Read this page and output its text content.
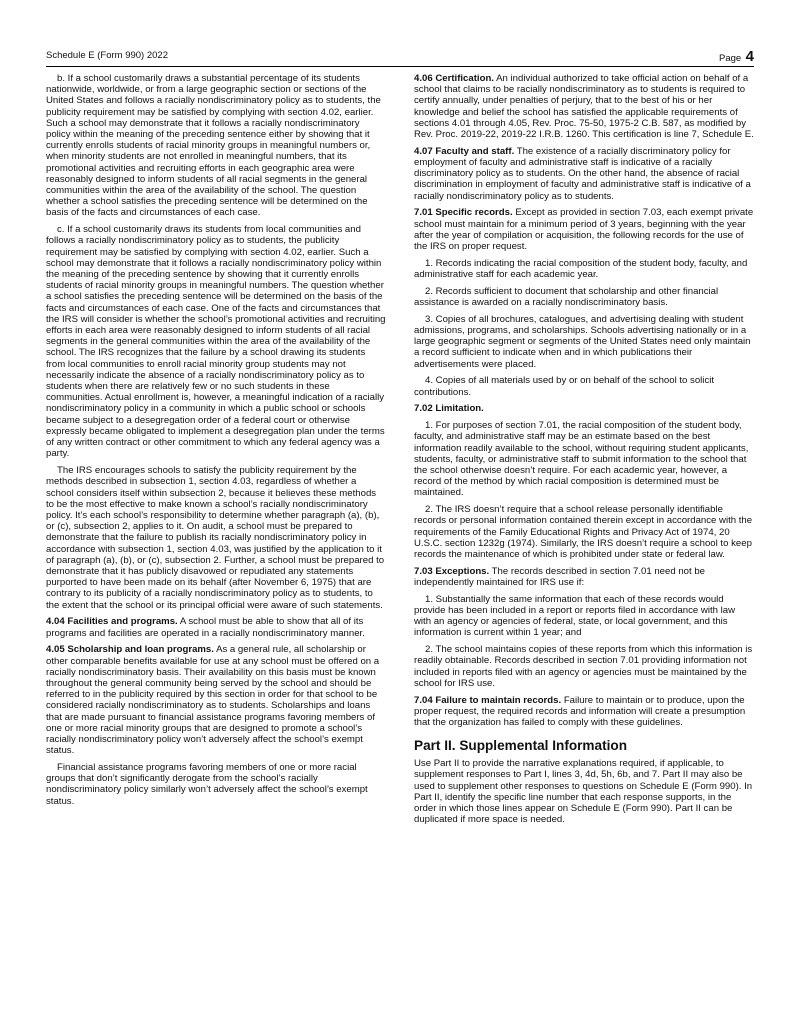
Schedule E (Form 990) 2022	Page 4

b. If a school customarily draws a substantial percentage of its students nationwide, worldwide, or from a large geographic section or sections of the United States and follows a racially nondiscriminatory policy as to students, the publicity requirement may be satisfied by complying with section 4.02, earlier. Such a school may demonstrate that it follows a racially nondiscriminatory policy within the meaning of the preceding sentence either by showing that it currently enrolls students of racial minority groups in meaningful numbers or, when minority students are not enrolled in meaningful numbers, that its promotional activities and recruiting efforts in each geographic area were reasonably designed to inform students of all racial segments in the general communities within the area of the availability of the school. The question whether a school satisfies the preceding sentence will be determined on the basis of the facts and circumstances of each case.

c. If a school customarily draws its students from local communities and follows a racially nondiscriminatory policy as to students, the publicity requirement may be satisfied by complying with section 4.02, earlier. Such a school may demonstrate that it follows a racially nondiscriminatory policy within the meaning of the preceding sentence by showing that it currently enrolls students of racial minority groups in meaningful numbers. The question whether a school satisfies the preceding sentence will be determined on the basis of the facts and circumstances of each case. One of the facts and circumstances that the IRS will consider is whether the school’s promotional activities and recruiting efforts in each area were reasonably designed to inform students of all racial segments in the general communities within the area of the availability of the school. The IRS recognizes that the failure by a school drawing its students from local communities to enroll racial minority group students may not necessarily indicate the absence of a racially nondiscriminatory policy as to students when there are relatively few or no such students in these communities. Actual enrollment is, however, a meaningful indication of a racially nondiscriminatory policy in a community in which a public school or schools became subject to a desegregation order of a federal court or otherwise expressly became obligated to implement a desegregation plan under the terms of any written contract or other commitment to which any federal agency was a party.

The IRS encourages schools to satisfy the publicity requirement by the methods described in subsection 1, section 4.03, regardless of whether a school considers itself within subsection 2, because it believes these methods to be the most effective to make known a school’s racially nondiscriminatory policy. It’s each school’s responsibility to determine whether paragraph (a), (b), or (c), subsection 2, applies to it. On audit, a school must be prepared to demonstrate that the failure to publish its racially nondiscriminatory policy in accordance with subsection 1, section 4.03, was justified by the application to it of paragraph (a), (b), or (c), subsection 2. Further, a school must be prepared to demonstrate that it has publicly disavowed or repudiated any statements purported to have been made on its behalf (after November 6, 1975) that are contrary to its publicity of a racially nondiscriminatory policy as to students, to the extent that the school or its principal official were aware of such statements.

4.04 Facilities and programs. A school must be able to show that all of its programs and facilities are operated in a racially nondiscriminatory manner.

4.05 Scholarship and loan programs. As a general rule, all scholarship or other comparable benefits available for use at any school must be offered on a racially nondiscriminatory basis. Their availability on this basis must be known throughout the general community being served by the school and should be referred to in the publicity required by this section in order for that school to be considered racially nondiscriminatory as to students. Scholarships and loans that are made pursuant to financial assistance programs favoring members of one or more racial minority groups that are designed to promote a school’s racially nondiscriminatory policy won’t adversely affect the school’s exempt status.

Financial assistance programs favoring members of one or more racial groups that don’t significantly derogate from the school’s racially nondiscriminatory policy similarly won’t adversely affect the school’s exempt status.

4.06 Certification. An individual authorized to take official action on behalf of a school that claims to be racially nondiscriminatory as to students is required to certify annually, under penalties of perjury, that to the best of his or her knowledge and belief the school has satisfied the applicable requirements of sections 4.01 through 4.05, Rev. Proc. 75-50, 1975-2 C.B. 587, as modified by Rev. Proc. 2019-22, 2019-22 I.R.B. 1260. This certification is line 7, Schedule E.

4.07 Faculty and staff. The existence of a racially discriminatory policy for employment of faculty and administrative staff is indicative of a racially discriminatory policy as to students. On the other hand, the absence of racial discrimination in employment of faculty and administrative staff is indicative of a racially nondiscriminatory policy as to students.

7.01 Specific records. Except as provided in section 7.03, each exempt private school must maintain for a minimum period of 3 years, beginning with the year after the year of compilation or acquisition, the following records for the use of the IRS on proper request.

1. Records indicating the racial composition of the student body, faculty, and administrative staff for each academic year.

2. Records sufficient to document that scholarship and other financial assistance is awarded on a racially nondiscriminatory basis.

3. Copies of all brochures, catalogues, and advertising dealing with student admissions, programs, and scholarships. Schools advertising nationally or in a large geographic segment or segments of the United States need only maintain a record sufficient to indicate when and in which publications their advertisements were placed.

4. Copies of all materials used by or on behalf of the school to solicit contributions.

7.02 Limitation.

1. For purposes of section 7.01, the racial composition of the student body, faculty, and administrative staff may be an estimate based on the best information readily available to the school, without requiring student applicants, students, faculty, or administrative staff to submit information to the school that the school otherwise doesn’t require. For each academic year, however, a record of the method by which racial composition is determined must be maintained.

2. The IRS doesn’t require that a school release personally identifiable records or personal information contained therein except in accordance with the requirements of the Family Educational Rights and Privacy Act of 1974, 20 U.S.C. section 1232g (1974). Similarly, the IRS doesn’t require a school to keep records the maintenance of which is prohibited under state or federal law.

7.03 Exceptions. The records described in section 7.01 need not be independently maintained for IRS use if:

1. Substantially the same information that each of these records would provide has been included in a report or reports filed in accordance with law with an agency or agencies of federal, state, or local government, and this information is current within 1 year; and

2. The school maintains copies of these reports from which this information is readily obtainable. Records described in section 7.01 providing information not included in reports filed with an agency or agencies must be maintained by the school for IRS use.

7.04 Failure to maintain records. Failure to maintain or to produce, upon the proper request, the required records and information will create a presumption that the organization has failed to comply with these guidelines.

Part II. Supplemental Information

Use Part II to provide the narrative explanations required, if applicable, to supplement responses to Part I, lines 3, 4d, 5h, 6b, and 7. Part II may also be used to supplement other responses to questions on Schedule E (Form 990). In Part II, identify the specific line number that each response supports, in the order in which those lines appear on Schedule E (Form 990). Part II can be duplicated if more space is needed.
